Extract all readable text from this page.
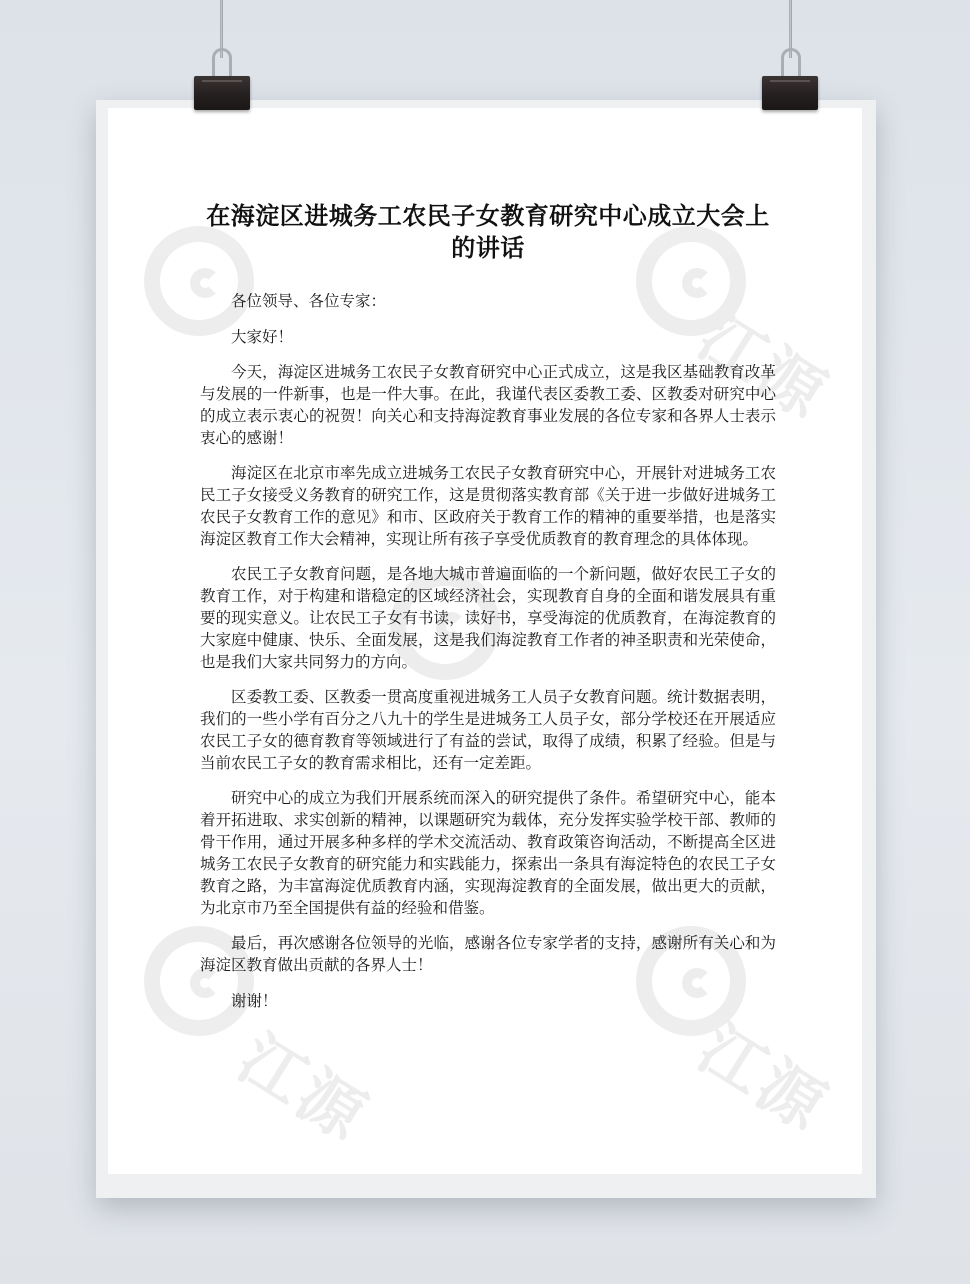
江源
江源	江源
在海淀区进城务工农民子女教育研究中心成立大会上的讲话

各位领导、各位专家：

大家好！

今天，海淀区进城务工农民子女教育研究中心正式成立，这是我区基础教育改革与发展的一件新事，也是一件大事。在此，我谨代表区委教工委、区教委对研究中心的成立表示衷心的祝贺！向关心和支持海淀教育事业发展的各位专家和各界人士表示衷心的感谢！

海淀区在北京市率先成立进城务工农民子女教育研究中心，开展针对进城务工农民工子女接受义务教育的研究工作，这是贯彻落实教育部《关于进一步做好进城务工农民子女教育工作的意见》和市、区政府关于教育工作的精神的重要举措，也是落实海淀区教育工作大会精神，实现让所有孩子享受优质教育的教育理念的具体体现。

农民工子女教育问题，是各地大城市普遍面临的一个新问题，做好农民工子女的教育工作，对于构建和谐稳定的区域经济社会，实现教育自身的全面和谐发展具有重要的现实意义。让农民工子女有书读，读好书，享受海淀的优质教育，在海淀教育的大家庭中健康、快乐、全面发展，这是我们海淀教育工作者的神圣职责和光荣使命，也是我们大家共同努力的方向。

区委教工委、区教委一贯高度重视进城务工人员子女教育问题。统计数据表明，我们的一些小学有百分之八九十的学生是进城务工人员子女，部分学校还在开展适应农民工子女的德育教育等领域进行了有益的尝试，取得了成绩，积累了经验。但是与当前农民工子女的教育需求相比，还有一定差距。

研究中心的成立为我们开展系统而深入的研究提供了条件。希望研究中心，能本着开拓进取、求实创新的精神，以课题研究为载体，充分发挥实验学校干部、教师的骨干作用，通过开展多种多样的学术交流活动、教育政策咨询活动，不断提高全区进城务工农民子女教育的研究能力和实践能力，探索出一条具有海淀特色的农民工子女教育之路，为丰富海淀优质教育内涵，实现海淀教育的全面发展，做出更大的贡献，为北京市乃至全国提供有益的经验和借鉴。

最后，再次感谢各位领导的光临，感谢各位专家学者的支持，感谢所有关心和为海淀区教育做出贡献的各界人士！

谢谢！
